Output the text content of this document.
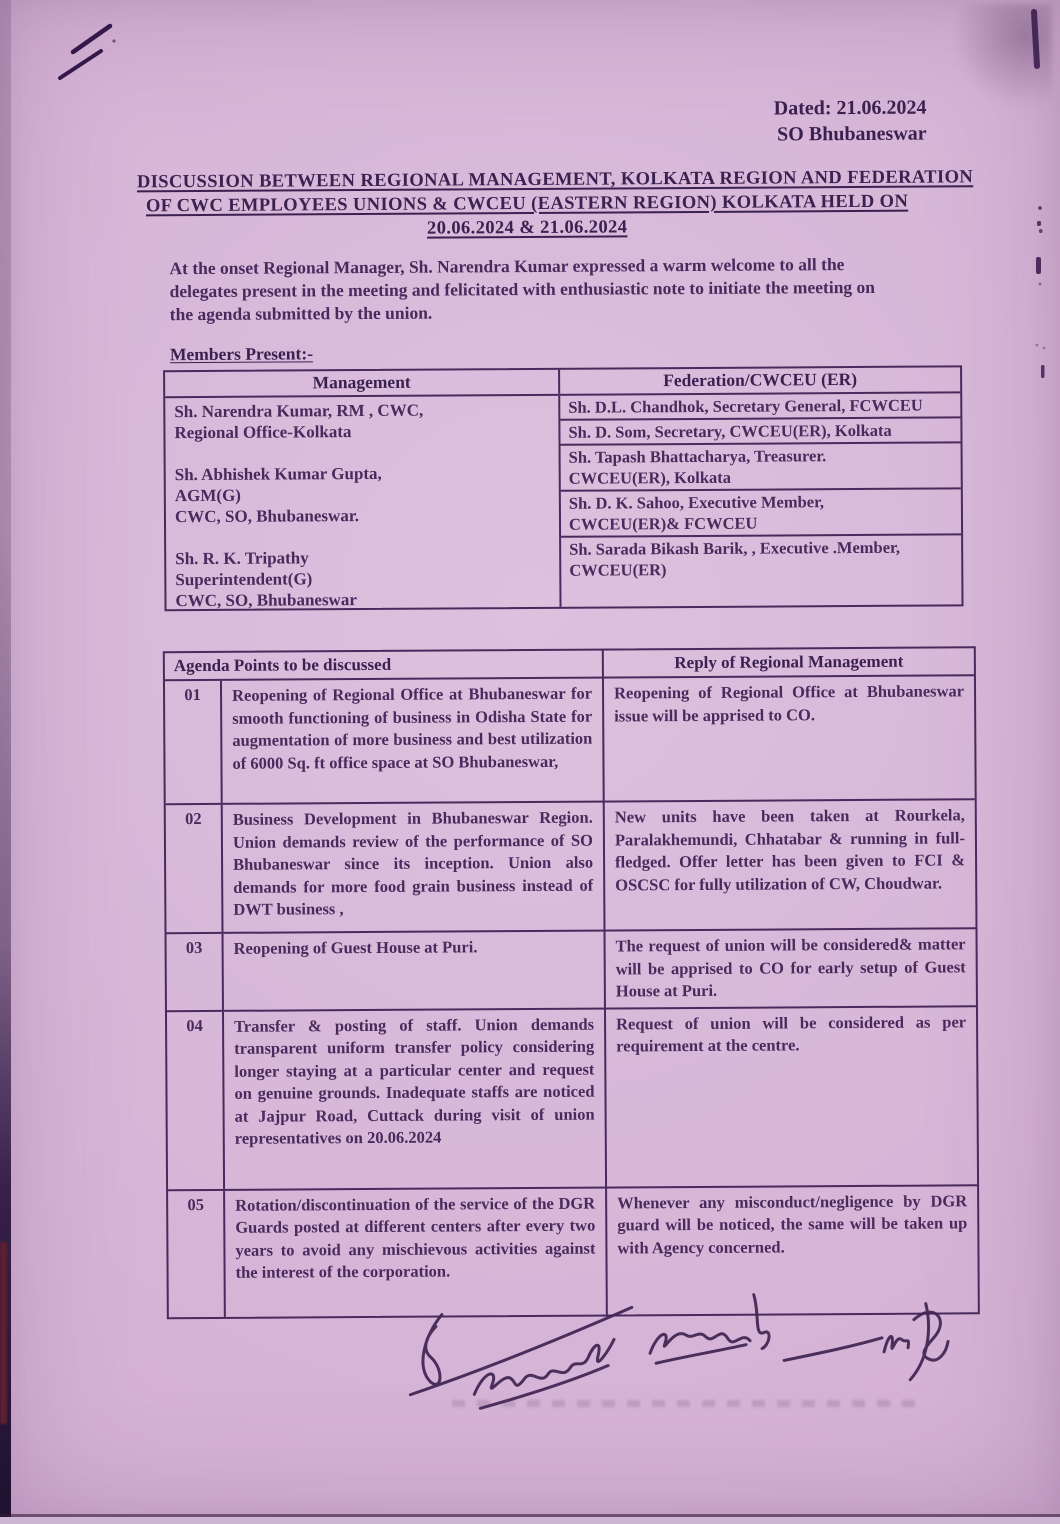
Dated: 21.06.2024
SO Bhubaneswar
DISCUSSION BETWEEN REGIONAL MANAGEMENT, KOLKATA REGION AND FEDERATION
OF CWC EMPLOYEES UNIONS & CWCEU (EASTERN REGION) KOLKATA HELD ON
20.06.2024 & 21.06.2024
At the onset Regional Manager, Sh. Narendra Kumar expressed a warm welcome to all the
delegates present in the meeting and felicitated with enthusiastic note to initiate the meeting on
the agenda submitted by the union.
Members Present:-
Management	Federation/CWCEU (ER)
Sh. Narendra Kumar, RM , CWC,
Regional Office-Kolkata

Sh. Abhishek Kumar Gupta,
AGM(G)
CWC, SO, Bhubaneswar.

Sh. R. K. Tripathy
Superintendent(G)
CWC, SO, Bhubaneswar
Sh. D.L. Chandhok, Secretary General, FCWCEU
Sh. D. Som, Secretary, CWCEU(ER), Kolkata
Sh. Tapash Bhattacharya, Treasurer.
CWCEU(ER), Kolkata
Sh. D. K. Sahoo, Executive Member,
CWCEU(ER)& FCWCEU
Sh. Sarada Bikash Barik, , Executive .Member,
CWCEU(ER)
Agenda Points to be discussed	Reply of Regional Management
01	Reopening of Regional Office at Bhubaneswar for smooth functioning of business in Odisha State for augmentation of more business and best utilization of 6000 Sq. ft office space at SO Bhubaneswar,
Reopening of Regional Office at Bhubaneswar issue will be apprised to CO.
02	Business Development in Bhubaneswar Region. Union demands review of the performance of SO Bhubaneswar since its inception. Union also demands for more food grain business instead of DWT business ,
New units have been taken at Rourkela, Paralakhemundi, Chhatabar & running in full-fledged. Offer letter has been given to FCI & OSCSC for fully utilization of CW, Choudwar.
03	Reopening of Guest House at Puri.	The request of union will be considered& matter will be apprised to CO for early setup of Guest House at Puri.
04	Transfer & posting of staff. Union demands transparent uniform transfer policy considering longer staying at a particular center and request on genuine grounds. Inadequate staffs are noticed at Jajpur Road, Cuttack during visit of union representatives on 20.06.2024
Request of union will be considered as per requirement at the centre.
05	Rotation/discontinuation of the service of the DGR Guards posted at different centers after every two years to avoid any mischievous activities against the interest of the corporation.
Whenever any misconduct/negligence by DGR guard will be noticed, the same will be taken up with Agency concerned.
